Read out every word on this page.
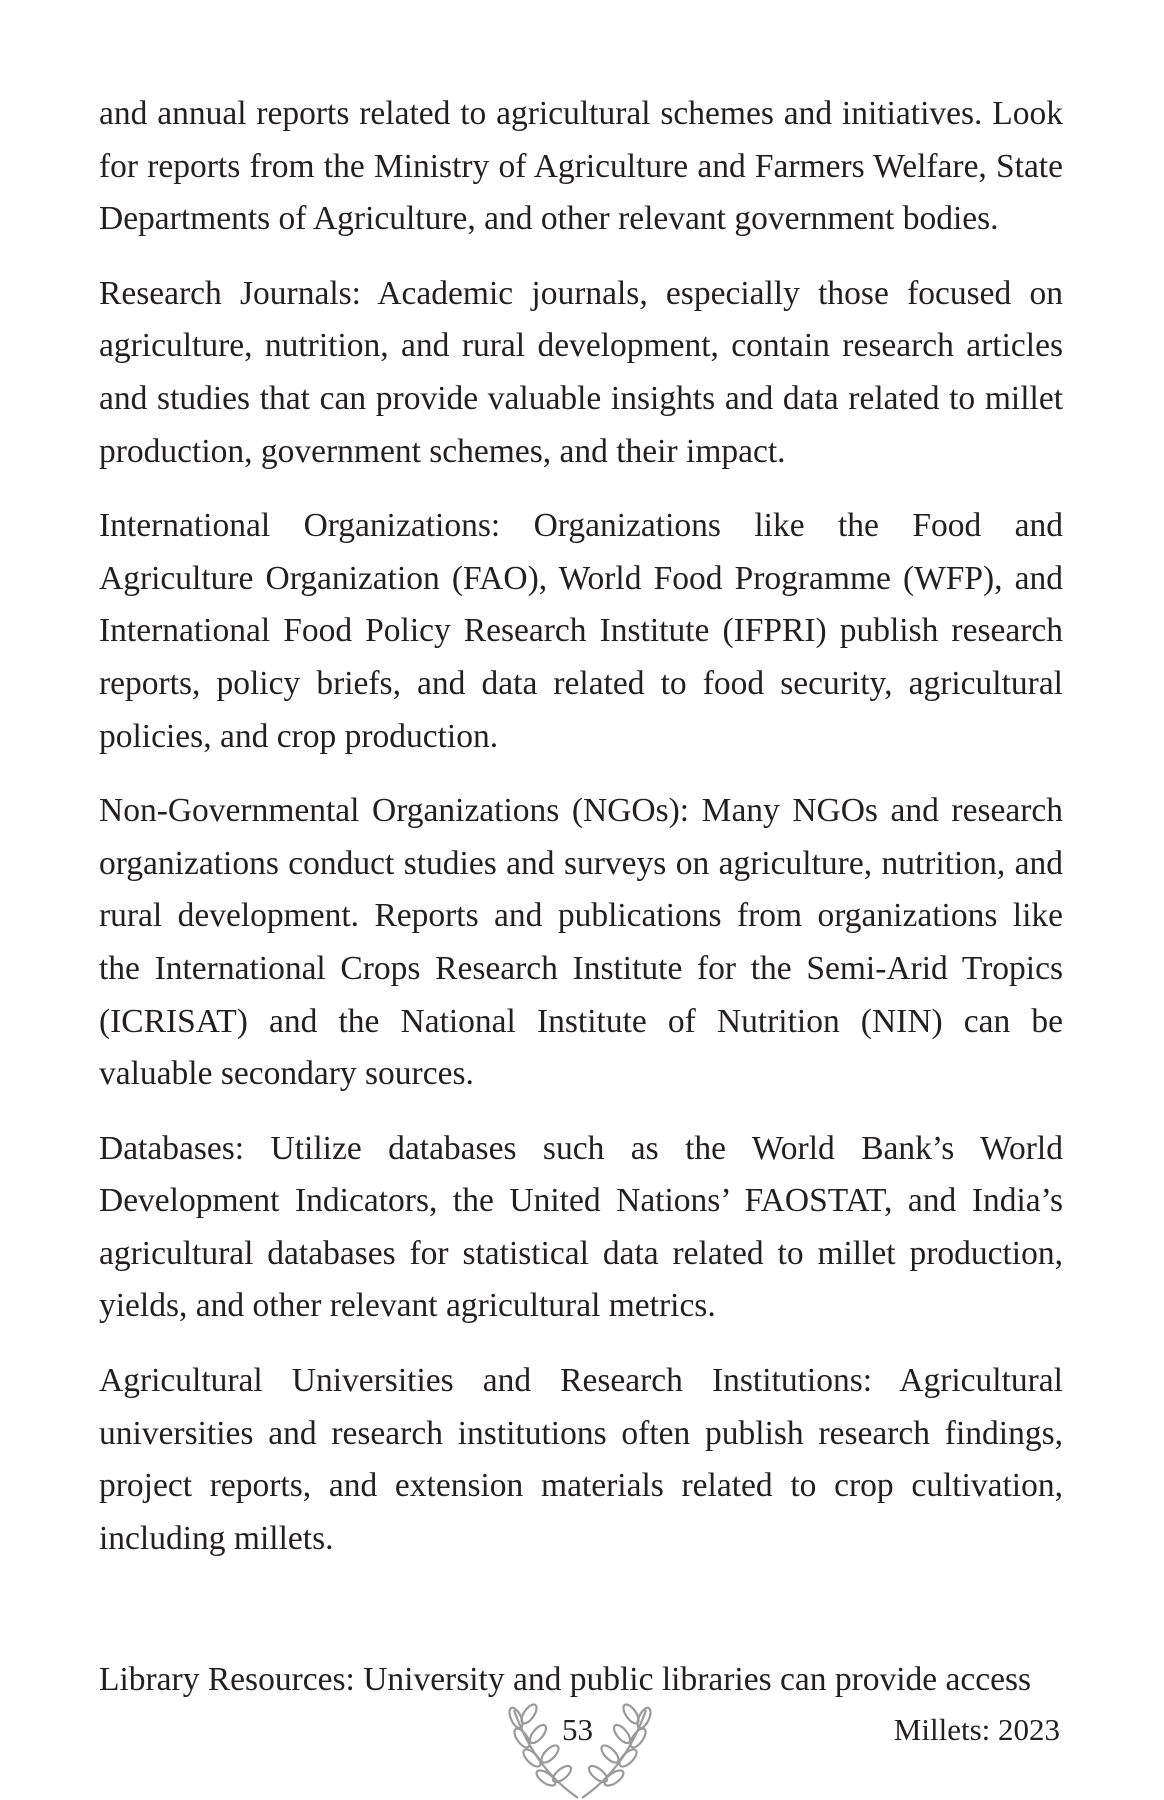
and annual reports related to agricultural schemes and initiatives. Look for reports from the Ministry of Agriculture and Farmers Welfare, State Departments of Agriculture, and other relevant government bodies.

Research Journals: Academic journals, especially those focused on agriculture, nutrition, and rural development, contain research articles and studies that can provide valuable insights and data related to millet production, government schemes, and their impact.

International Organizations: Organizations like the Food and Agriculture Organization (FAO), World Food Programme (WFP), and International Food Policy Research Institute (IFPRI) publish research reports, policy briefs, and data related to food security, agricultural policies, and crop production.

Non-Governmental Organizations (NGOs): Many NGOs and research organizations conduct studies and surveys on agriculture, nutrition, and rural development. Reports and publications from organizations like the International Crops Research Institute for the Semi-Arid Tropics (ICRISAT) and the National Institute of Nutrition (NIN) can be valuable secondary sources.

Databases: Utilize databases such as the World Bank’s World Development Indicators, the United Nations’ FAOSTAT, and India’s agricultural databases for statistical data related to millet production, yields, and other relevant agricultural metrics.

Agricultural Universities and Research Institutions: Agricultural universities and research institutions often publish research findings, project reports, and extension materials related to crop cultivation, including millets.

Library Resources: University and public libraries can provide access

53	Millets: 2023
